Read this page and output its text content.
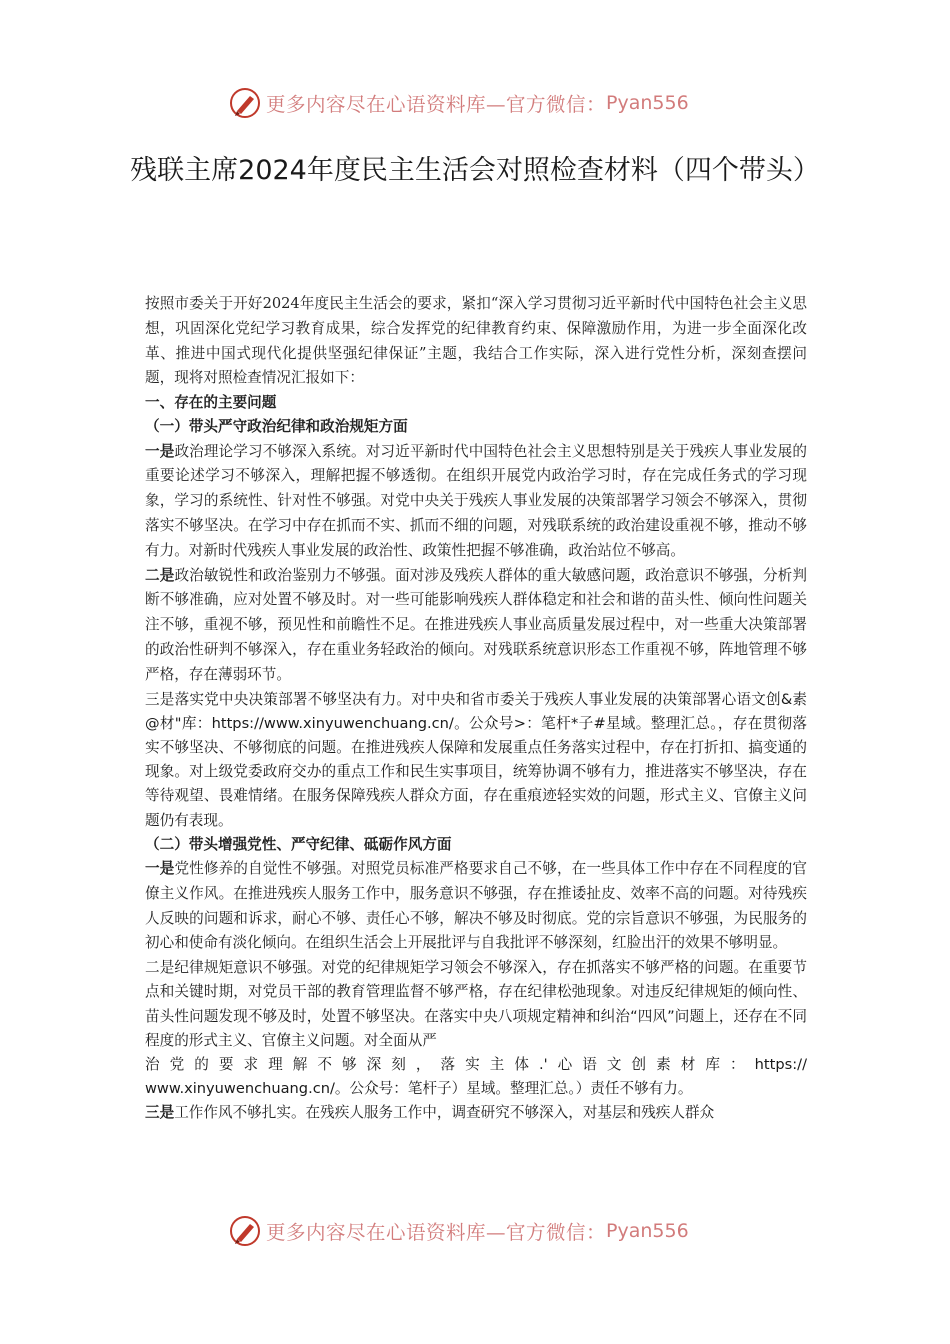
更多内容尽在心语资料库—官方微信： Pyan556
残联主席2024年度民主生活会对照检查材料（四个带头）

按照市委关于开好2024年度民主生活会的要求，紧扣“深入学习贯彻习近平新时代中国特色社会主义思想，巩固深化党纪学习教育成果，综合发挥党的纪律教育约束、保障激励作用，为进一步全面深化改革、推进中国式现代化提供坚强纪律保证”主题，我结合工作实际，深入进行党性分析，深刻查摆问题，现将对照检查情况汇报如下：

一、存在的主要问题

（一）带头严守政治纪律和政治规矩方面

一是政治理论学习不够深入系统。对习近平新时代中国特色社会主义思想特别是关于残疾人事业发展的重要论述学习不够深入，理解把握不够透彻。在组织开展党内政治学习时，存在完成任务式的学习现象，学习的系统性、针对性不够强。对党中央关于残疾人事业发展的决策部署学习领会不够深入，贯彻落实不够坚决。在学习中存在抓而不实、抓而不细的问题，对残联系统的政治建设重视不够，推动不够有力。对新时代残疾人事业发展的政治性、政策性把握不够准确，政治站位不够高。

二是政治敏锐性和政治鉴别力不够强。面对涉及残疾人群体的重大敏感问题，政治意识不够强，分析判断不够准确，应对处置不够及时。对一些可能影响残疾人群体稳定和社会和谐的苗头性、倾向性问题关注不够，重视不够，预见性和前瞻性不足。在推进残疾人事业高质量发展过程中，对一些重大决策部署的政治性研判不够深入，存在重业务轻政治的倾向。对残联系统意识形态工作重视不够，阵地管理不够严格，存在薄弱环节。

三是落实党中央决策部署不够坚决有力。对中央和省市委关于残疾人事业发展的决策部署心语文创&素@材"库：https://www.xinyuwenchuang.cn/。公众号>：笔杆*子#星域。整理汇总。，存在贯彻落实不够坚决、不够彻底的问题。在推进残疾人保障和发展重点任务落实过程中，存在打折扣、搞变通的现象。对上级党委政府交办的重点工作和民生实事项目，统筹协调不够有力，推进落实不够坚决，存在等待观望、畏难情绪。在服务保障残疾人群众方面，存在重痕迹轻实效的问题，形式主义、官僚主义问题仍有表现。

（二）带头增强党性、严守纪律、砥砺作风方面

一是党性修养的自觉性不够强。对照党员标准严格要求自己不够，在一些具体工作中存在不同程度的官僚主义作风。在推进残疾人服务工作中，服务意识不够强，存在推诿扯皮、效率不高的问题。对待残疾人反映的问题和诉求，耐心不够、责任心不够，解决不够及时彻底。党的宗旨意识不够强，为民服务的初心和使命有淡化倾向。在组织生活会上开展批评与自我批评不够深刻，红脸出汗的效果不够明显。

二是纪律规矩意识不够强。对党的纪律规矩学习领会不够深入，存在抓落实不够严格的问题。在重要节点和关键时期，对党员干部的教育管理监督不够严格，存在纪律松弛现象。对违反纪律规矩的倾向性、苗头性问题发现不够及时，处置不够坚决。在落实中央八项规定精神和纠治“四风”问题上，还存在不同程度的形式主义、官僚主义问题。对全面从严

治党的要求理解不够深刻，落实主体.'心语文创素材库：https://

www.xinyuwenchuang.cn/。公众号：笔杆子）星域。整理汇总。）责任不够有力。

三是工作作风不够扎实。在残疾人服务工作中，调查研究不够深入，对基层和残疾人群众

更多内容尽在心语资料库—官方微信： Pyan556
